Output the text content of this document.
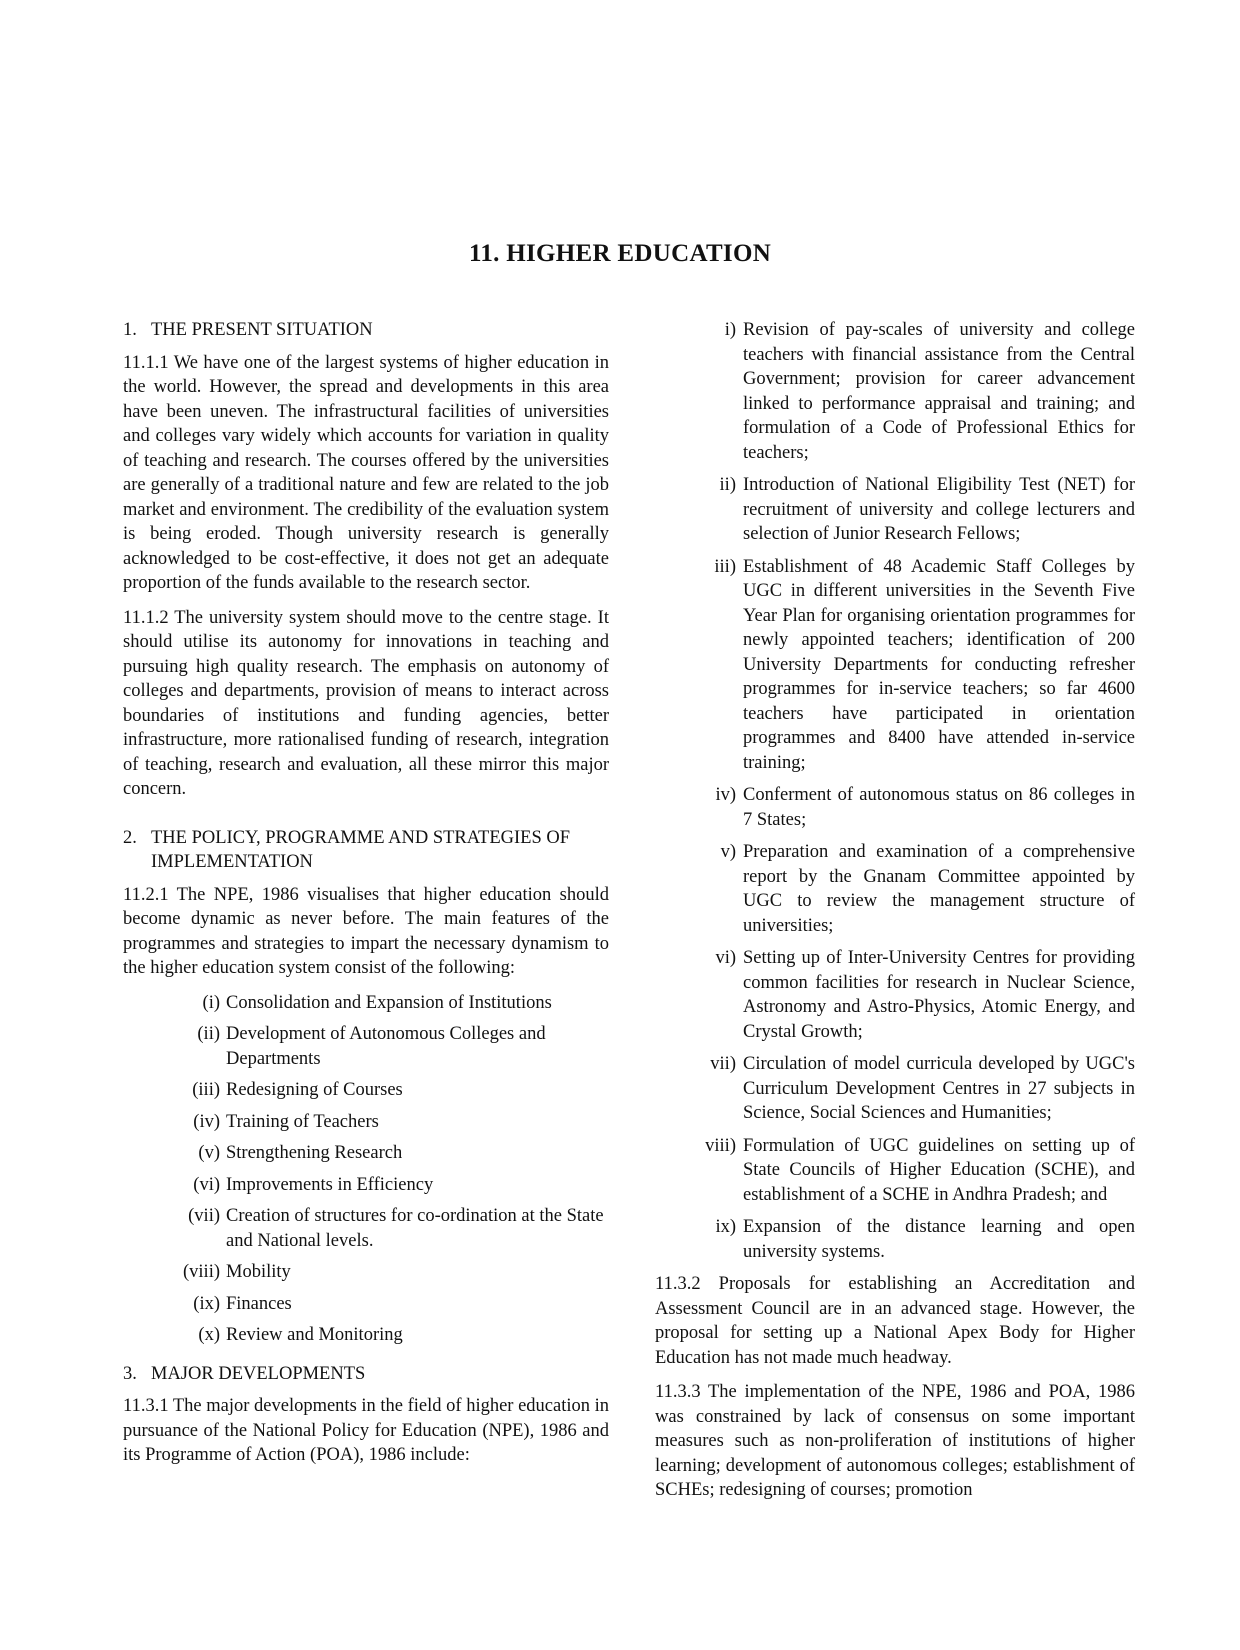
11. HIGHER EDUCATION
1. THE PRESENT SITUATION

11.1.1 We have one of the largest systems of higher education in the world. However, the spread and developments in this area have been uneven. The infrastructural facilities of universities and colleges vary widely which accounts for variation in quality of teaching and research. The courses offered by the universities are generally of a traditional nature and few are related to the job market and environment. The credibility of the evaluation system is being eroded. Though university research is generally acknowledged to be cost-effective, it does not get an adequate proportion of the funds available to the research sector.

11.1.2 The university system should move to the centre stage. It should utilise its autonomy for innovations in teaching and pursuing high quality research. The emphasis on autonomy of colleges and departments, provision of means to interact across boundaries of institutions and funding agencies, better infrastructure, more rationalised funding of research, integration of teaching, research and evaluation, all these mirror this major concern.

2. THE POLICY, PROGRAMME AND STRATEGIES OF IMPLEMENTATION

11.2.1 The NPE, 1986 visualises that higher education should become dynamic as never before. The main features of the programmes and strategies to impart the necessary dynamism to the higher education system consist of the following:

(i) Consolidation and Expansion of Institutions
(ii) Development of Autonomous Colleges and Departments
(iii) Redesigning of Courses
(iv) Training of Teachers
(v) Strengthening Research
(vi) Improvements in Efficiency
(vii) Creation of structures for co-ordination at the State and National levels.
(viii) Mobility
(ix) Finances
(x) Review and Monitoring
3. MAJOR DEVELOPMENTS

11.3.1 The major developments in the field of higher education in pursuance of the National Policy for Education (NPE), 1986 and its Programme of Action (POA), 1986 include:

i) Revision of pay-scales of university and college teachers with financial assistance from the Central Government; provision for career advancement linked to performance appraisal and training; and formulation of a Code of Professional Ethics for teachers;
ii) Introduction of National Eligibility Test (NET) for recruitment of university and college lecturers and selection of Junior Research Fellows;
iii) Establishment of 48 Academic Staff Colleges by UGC in different universities in the Seventh Five Year Plan for organising orientation programmes for newly appointed teachers; identification of 200 University Departments for conducting refresher programmes for in-service teachers; so far 4600 teachers have participated in orientation programmes and 8400 have attended in-service training;
iv) Conferment of autonomous status on 86 colleges in 7 States;
v) Preparation and examination of a comprehensive report by the Gnanam Committee appointed by UGC to review the management structure of universities;
vi) Setting up of Inter-University Centres for providing common facilities for research in Nuclear Science, Astronomy and Astro-Physics, Atomic Energy, and Crystal Growth;
vii) Circulation of model curricula developed by UGC's Curriculum Development Centres in 27 subjects in Science, Social Sciences and Humanities;
viii) Formulation of UGC guidelines on setting up of State Councils of Higher Education (SCHE), and establishment of a SCHE in Andhra Pradesh; and
ix) Expansion of the distance learning and open university systems.

11.3.2 Proposals for establishing an Accreditation and Assessment Council are in an advanced stage. However, the proposal for setting up a National Apex Body for Higher Education has not made much headway.

11.3.3 The implementation of the NPE, 1986 and POA, 1986 was constrained by lack of consensus on some important measures such as non-proliferation of institutions of higher learning; development of autonomous colleges; establishment of SCHEs; redesigning of courses; promotion
